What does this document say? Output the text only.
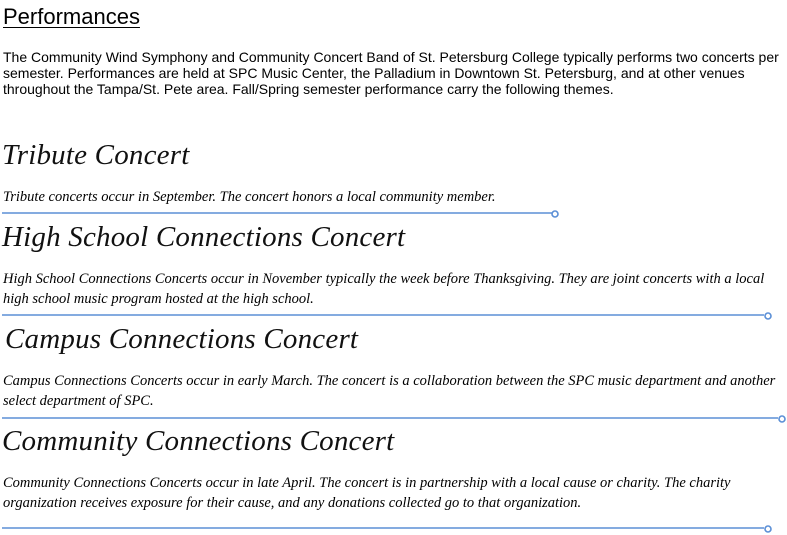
Performances

The Community Wind Symphony and Community Concert Band of St. Petersburg College typically performs two concerts per semester. Performances are held at SPC Music Center, the Palladium in Downtown St. Petersburg, and at other venues throughout the Tampa/St. Pete area. Fall/Spring semester performance carry the following themes.

Tribute Concert

Tribute concerts occur in September. The concert honors a local community member.

High School Connections Concert

High School Connections Concerts occur in November typically the week before Thanksgiving. They are joint concerts with a local high school music program hosted at the high school.

Campus Connections Concert

Campus Connections Concerts occur in early March. The concert is a collaboration between the SPC music department and another select department of SPC.

Community Connections Concert

Community Connections Concerts occur in late April. The concert is in partnership with a local cause or charity. The charity organization receives exposure for their cause, and any donations collected go to that organization.
